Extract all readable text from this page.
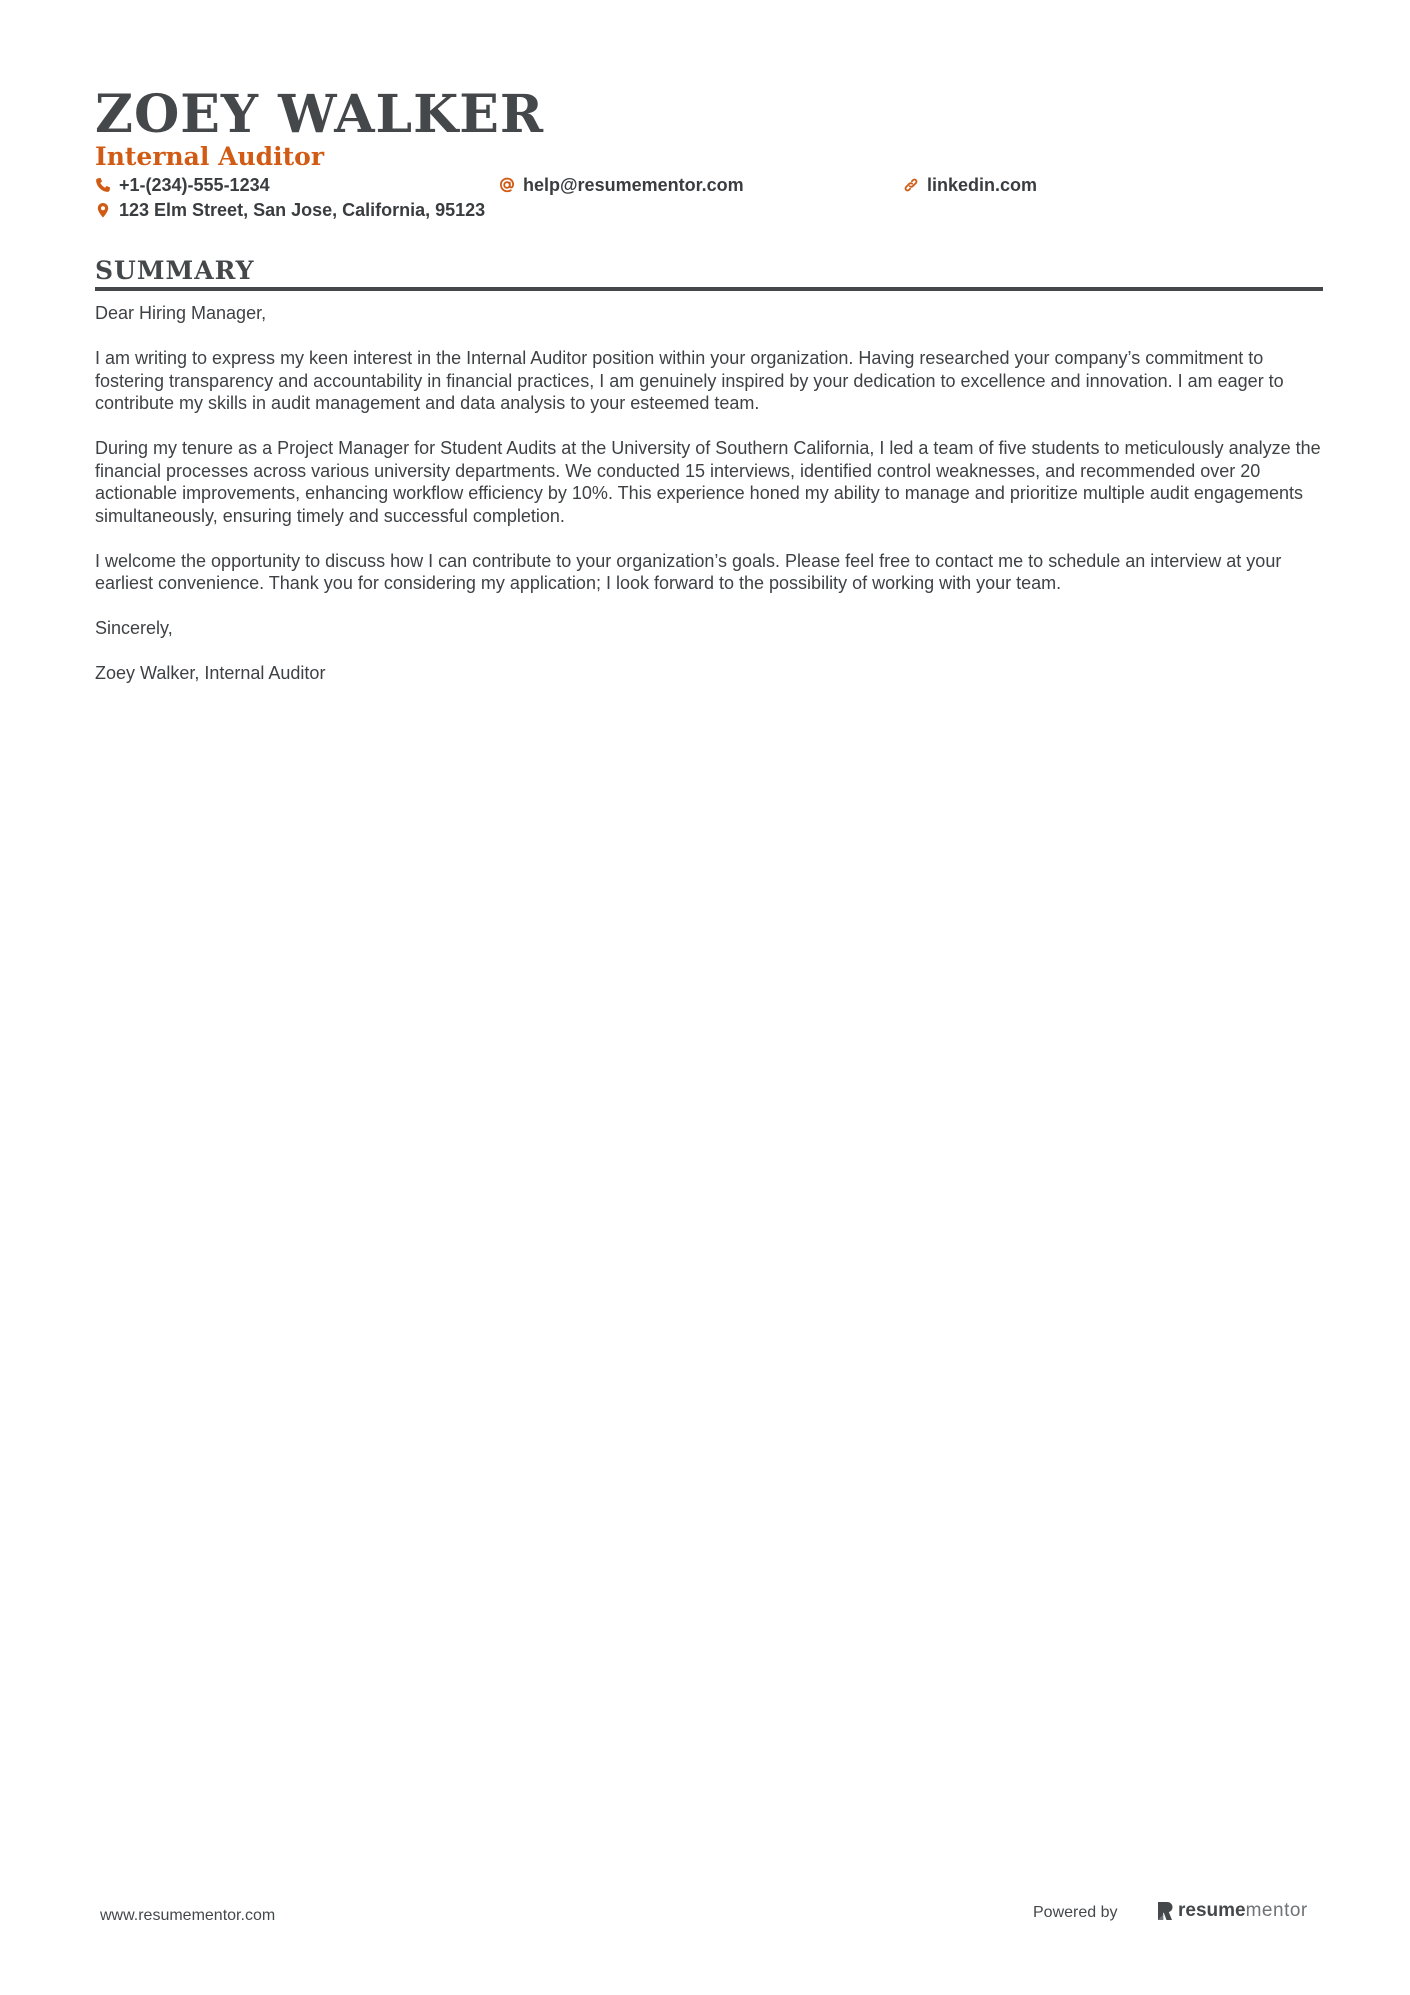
ZOEY WALKER
Internal Auditor
+1-(234)-555-1234	help@resumementor.com	linkedin.com
123 Elm Street, San Jose, California, 95123
SUMMARY

Dear Hiring Manager,

I am writing to express my keen interest in the Internal Auditor position within your organization. Having researched your company’s commitment to fostering transparency and accountability in financial practices, I am genuinely inspired by your dedication to excellence and innovation. I am eager to contribute my skills in audit management and data analysis to your esteemed team.

During my tenure as a Project Manager for Student Audits at the University of Southern California, I led a team of five students to meticulously analyze the financial processes across various university departments. We conducted 15 interviews, identified control weaknesses, and recommended over 20 actionable improvements, enhancing workflow efficiency by 10%. This experience honed my ability to manage and prioritize multiple audit engagements simultaneously, ensuring timely and successful completion.

I welcome the opportunity to discuss how I can contribute to your organization’s goals. Please feel free to contact me to schedule an interview at your earliest convenience. Thank you for considering my application; I look forward to the possibility of working with your team.

Sincerely,

Zoey Walker, Internal Auditor

www.resumementor.com	Powered by	resume mentor
